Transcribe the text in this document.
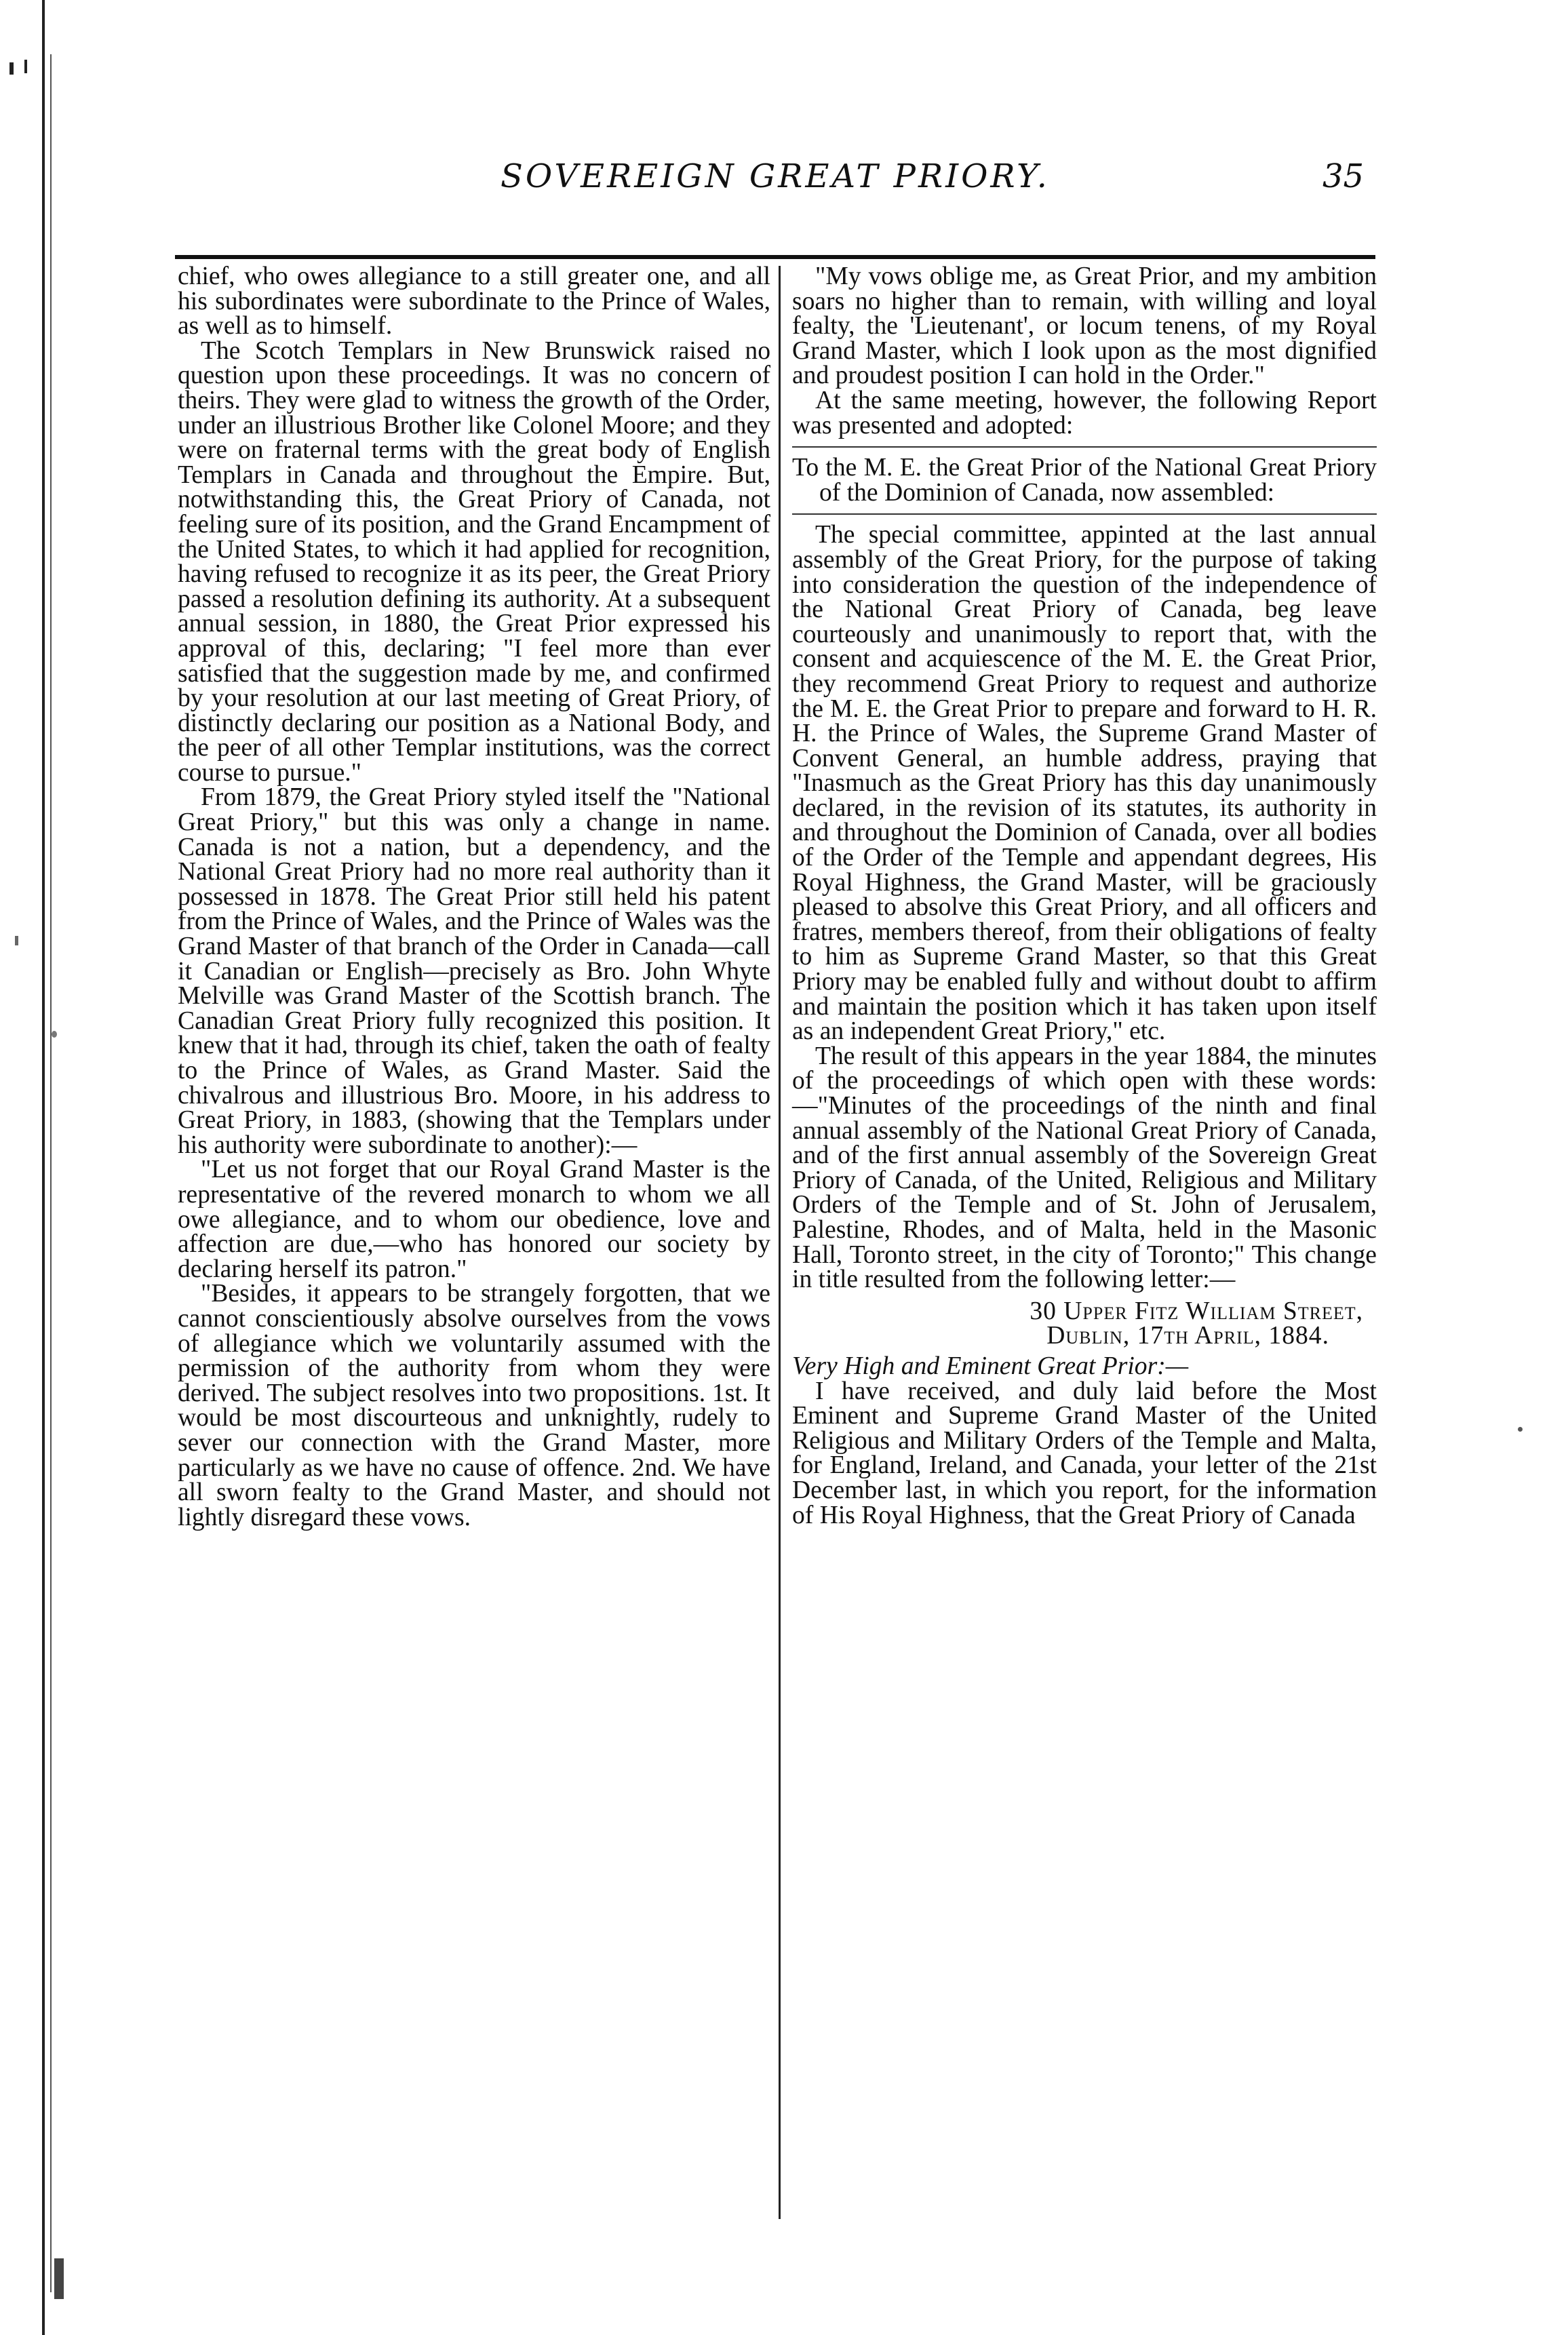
SOVEREIGN GREAT PRIORY.	35

chief, who owes allegiance to a still greater one, and all his subordinates were subordinate to the Prince of Wales, as well as to himself.

The Scotch Templars in New Brunswick raised no question upon these proceedings. It was no concern of theirs. They were glad to witness the growth of the Order, under an illustrious Brother like Colonel Moore; and they were on fraternal terms with the great body of English Templars in Canada and throughout the Empire. But, notwithstanding this, the Great Priory of Canada, not feeling sure of its position, and the Grand Encampment of the United States, to which it had applied for recognition, having refused to recognize it as its peer, the Great Priory passed a resolution defining its authority. At a subsequent annual session, in 1880, the Great Prior expressed his approval of this, declaring; "I feel more than ever satisfied that the suggestion made by me, and confirmed by your resolution at our last meeting of Great Priory, of distinctly declaring our position as a National Body, and the peer of all other Templar institutions, was the correct course to pursue."

From 1879, the Great Priory styled itself the "National Great Priory," but this was only a change in name. Canada is not a nation, but a dependency, and the National Great Priory had no more real authority than it possessed in 1878. The Great Prior still held his patent from the Prince of Wales, and the Prince of Wales was the Grand Master of that branch of the Order in Canada—call it Canadian or English—precisely as Bro. John Whyte Melville was Grand Master of the Scottish branch. The Canadian Great Priory fully recognized this position. It knew that it had, through its chief, taken the oath of fealty to the Prince of Wales, as Grand Master. Said the chivalrous and illustrious Bro. Moore, in his address to Great Priory, in 1883, (showing that the Templars under his authority were subordinate to another):—

"Let us not forget that our Royal Grand Master is the representative of the revered monarch to whom we all owe allegiance, and to whom our obedience, love and affection are due,—who has honored our society by declaring herself its patron."

"Besides, it appears to be strangely forgotten, that we cannot conscientiously absolve ourselves from the vows of allegiance which we voluntarily assumed with the permission of the authority from whom they were derived. The subject resolves into two propositions. 1st. It would be most discourteous and unknightly, rudely to sever our connection with the Grand Master, more particularly as we have no cause of offence. 2nd. We have all sworn fealty to the Grand Master, and should not lightly disregard these vows.

"My vows oblige me, as Great Prior, and my ambition soars no higher than to remain, with willing and loyal fealty, the 'Lieutenant', or locum tenens, of my Royal Grand Master, which I look upon as the most dignified and proudest position I can hold in the Order."

At the same meeting, however, the following Report was presented and adopted:

To the M. E. the Great Prior of the National Great Priory of the Dominion of Canada, now assembled:

The special committee, appinted at the last annual assembly of the Great Priory, for the purpose of taking into consideration the question of the independence of the National Great Priory of Canada, beg leave courteously and unanimously to report that, with the consent and acquiescence of the M. E. the Great Prior, they recommend Great Priory to request and authorize the M. E. the Great Prior to prepare and forward to H. R. H. the Prince of Wales, the Supreme Grand Master of Convent General, an humble address, praying that "Inasmuch as the Great Priory has this day unanimously declared, in the revision of its statutes, its authority in and throughout the Dominion of Canada, over all bodies of the Order of the Temple and appendant degrees, His Royal Highness, the Grand Master, will be graciously pleased to absolve this Great Priory, and all officers and fratres, members thereof, from their obligations of fealty to him as Supreme Grand Master, so that this Great Priory may be enabled fully and without doubt to affirm and maintain the position which it has taken upon itself as an independent Great Priory," etc.

The result of this appears in the year 1884, the minutes of the proceedings of which open with these words:—"Minutes of the proceedings of the ninth and final annual assembly of the National Great Priory of Canada, and of the first annual assembly of the Sovereign Great Priory of Canada, of the United, Religious and Military Orders of the Temple and of St. John of Jerusalem, Palestine, Rhodes, and of Malta, held in the Masonic Hall, Toronto street, in the city of Toronto;" This change in title resulted from the following letter:—

30 Upper Fitz William Street,

Dublin, 17th April, 1884.

Very High and Eminent Great Prior:—

I have received, and duly laid before the Most Eminent and Supreme Grand Master of the United Religious and Military Orders of the Temple and Malta, for England, Ireland, and Canada, your letter of the 21st December last, in which you report, for the information of His Royal Highness, that the Great Priory of Canada
